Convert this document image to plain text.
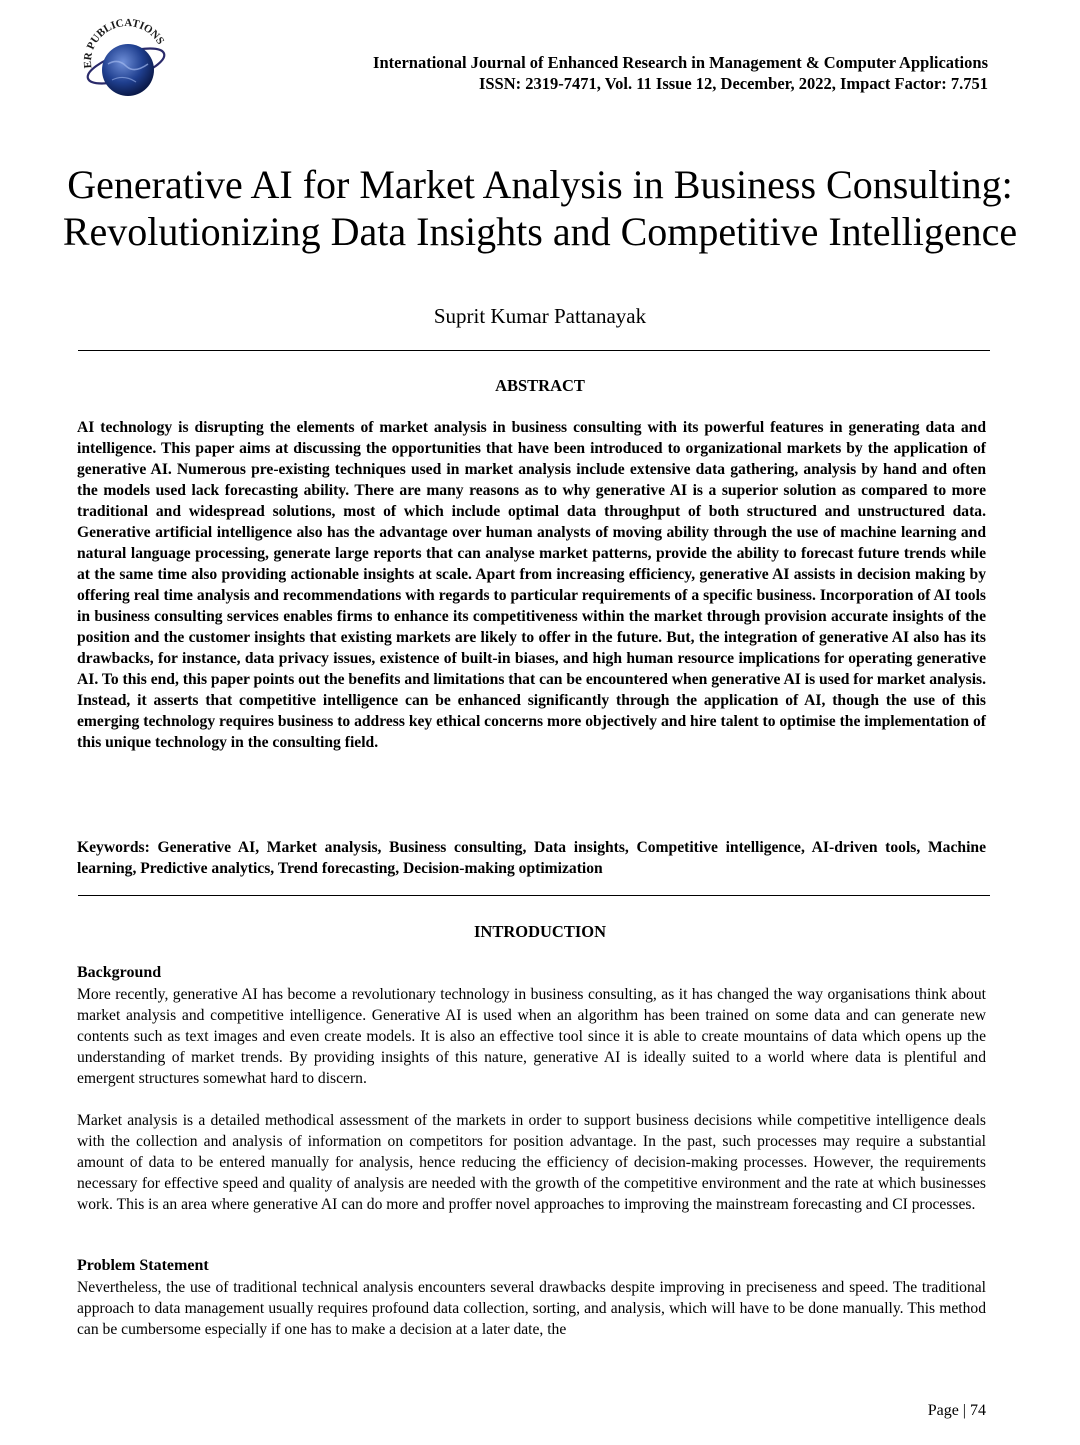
ER PUBLICATIONS
International Journal of Enhanced Research in Management & Computer Applications
ISSN: 2319-7471, Vol. 11 Issue 12, December, 2022, Impact Factor: 7.751
Generative AI for Market Analysis in Business Consulting: Revolutionizing Data Insights and Competitive Intelligence
Suprit Kumar Pattanayak
ABSTRACT

AI technology is disrupting the elements of market analysis in business consulting with its powerful features in generating data and intelligence. This paper aims at discussing the opportunities that have been introduced to organizational markets by the application of generative AI. Numerous pre-existing techniques used in market analysis include extensive data gathering, analysis by hand and often the models used lack forecasting ability. There are many reasons as to why generative AI is a superior solution as compared to more traditional and widespread solutions, most of which include optimal data throughput of both structured and unstructured data. Generative artificial intelligence also has the advantage over human analysts of moving ability through the use of machine learning and natural language processing, generate large reports that can analyse market patterns, provide the ability to forecast future trends while at the same time also providing actionable insights at scale. Apart from increasing efficiency, generative AI assists in decision making by offering real time analysis and recommendations with regards to particular requirements of a specific business. Incorporation of AI tools in business consulting services enables firms to enhance its competitiveness within the market through provision accurate insights of the position and the customer insights that existing markets are likely to offer in the future. But, the integration of generative AI also has its drawbacks, for instance, data privacy issues, existence of built-in biases, and high human resource implications for operating generative AI. To this end, this paper points out the benefits and limitations that can be encountered when generative AI is used for market analysis. Instead, it asserts that competitive intelligence can be enhanced significantly through the application of AI, though the use of this emerging technology requires business to address key ethical concerns more objectively and hire talent to optimise the implementation of this unique technology in the consulting field.

Keywords: Generative AI, Market analysis, Business consulting, Data insights, Competitive intelligence, AI-driven tools, Machine learning, Predictive analytics, Trend forecasting, Decision-making optimization

INTRODUCTION

Background

More recently, generative AI has become a revolutionary technology in business consulting, as it has changed the way organisations think about market analysis and competitive intelligence. Generative AI is used when an algorithm has been trained on some data and can generate new contents such as text images and even create models. It is also an effective tool since it is able to create mountains of data which opens up the understanding of market trends. By providing insights of this nature, generative AI is ideally suited to a world where data is plentiful and emergent structures somewhat hard to discern.

Market analysis is a detailed methodical assessment of the markets in order to support business decisions while competitive intelligence deals with the collection and analysis of information on competitors for position advantage. In the past, such processes may require a substantial amount of data to be entered manually for analysis, hence reducing the efficiency of decision-making processes. However, the requirements necessary for effective speed and quality of analysis are needed with the growth of the competitive environment and the rate at which businesses work. This is an area where generative AI can do more and proffer novel approaches to improving the mainstream forecasting and CI processes.

Problem Statement

Nevertheless, the use of traditional technical analysis encounters several drawbacks despite improving in preciseness and speed. The traditional approach to data management usually requires profound data collection, sorting, and analysis, which will have to be done manually. This method can be cumbersome especially if one has to make a decision at a later date, the

Page | 74
